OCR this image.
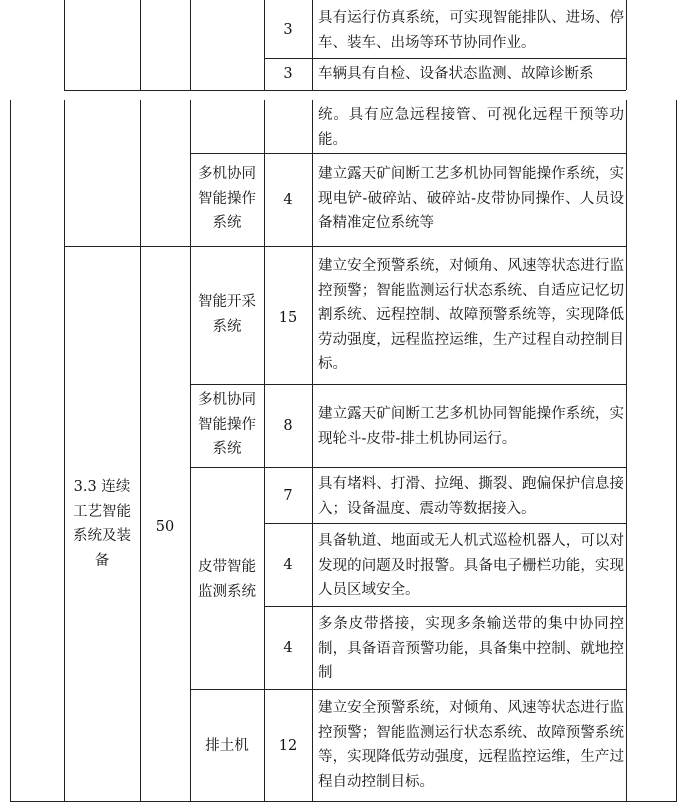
3
具有运行仿真系统，可实现智能排队、进场、停车、装车、出场等环节协同作业。
3	车辆具有自检、设备状态监测、故障诊断系
统。具有应急远程接管、可视化远程干预等功能。
多机协同智能操作系统
4
建立露天矿间断工艺多机协同智能操作系统，实现电铲-破碎站、破碎站-皮带协同操作、人员设备精准定位系统等
3.3 连续工艺智能系统及装备
50
智能开采系统
15
建立安全预警系统，对倾角、风速等状态进行监控预警；智能监测运行状态系统、自适应记忆切割系统、远程控制、故障预警系统等，实现降低劳动强度，远程监控运维，生产过程自动控制目标。
多机协同智能操作系统
8
建立露天矿间断工艺多机协同智能操作系统，实现轮斗-皮带-排土机协同运行。
皮带智能监测系统
7
具有堵料、打滑、拉绳、撕裂、跑偏保护信息接入；设备温度、震动等数据接入。
4
具备轨道、地面或无人机式巡检机器人，可以对发现的问题及时报警。具备电子栅栏功能，实现人员区域安全。
4
多条皮带搭接，实现多条输送带的集中协同控制，具备语音预警功能，具备集中控制、就地控制
排土机	12
建立安全预警系统，对倾角、风速等状态进行监控预警；智能监测运行状态系统、故障预警系统等，实现降低劳动强度，远程监控运维，生产过程自动控制目标。
